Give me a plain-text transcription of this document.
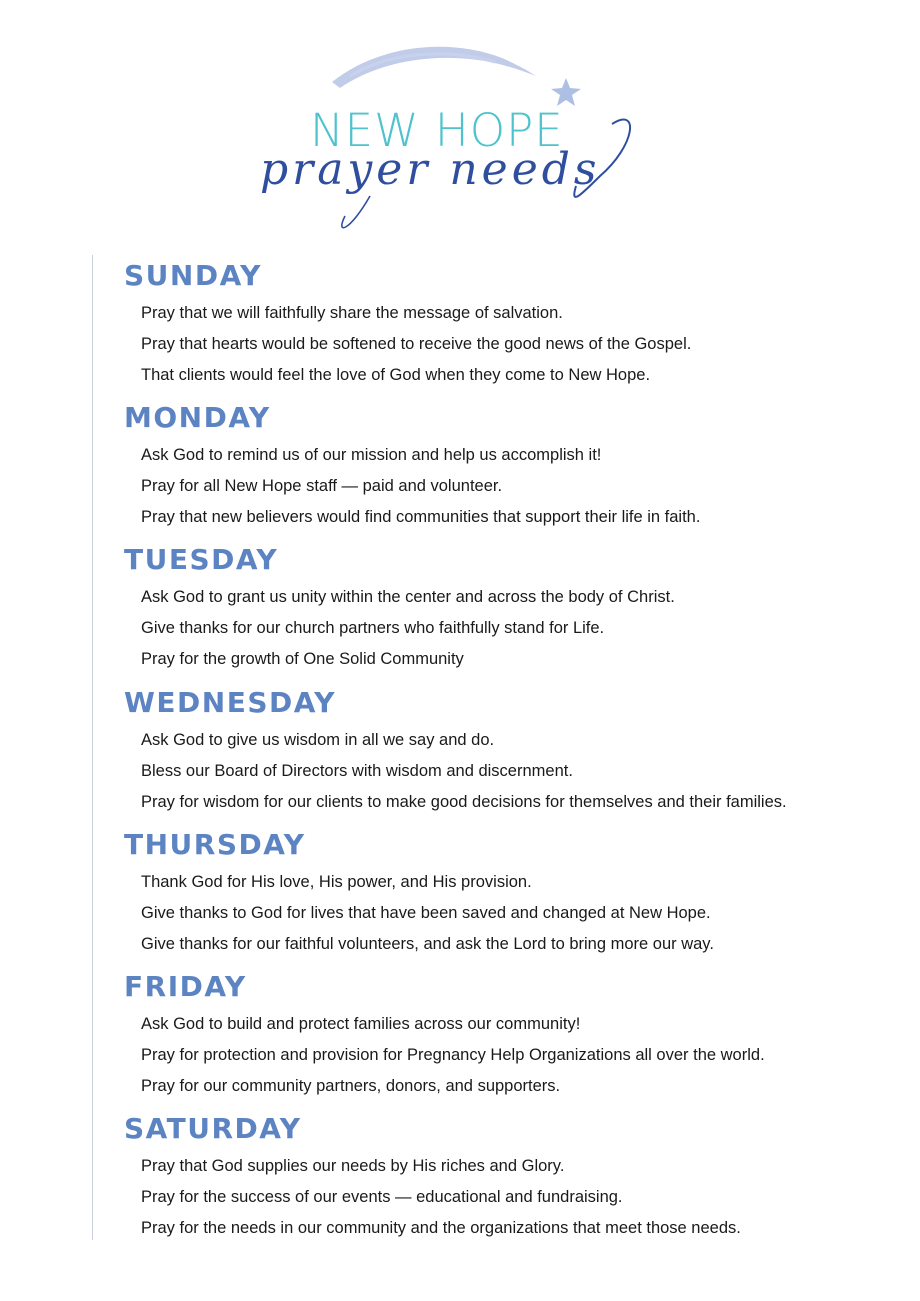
NEW HOPE
prayer needs
SUNDAY
Pray that we will faithfully share the message of salvation.
Pray that hearts would be softened to receive the good news of the Gospel.
That clients would feel the love of God when they come to New Hope.
MONDAY
Ask God to remind us of our mission and help us accomplish it!
Pray for all New Hope staff — paid and volunteer.
Pray that new believers would find communities that support their life in faith.
TUESDAY
Ask God to grant us unity within the center and across the body of Christ.
Give thanks for our church partners who faithfully stand for Life.
Pray for the growth of One Solid Community
WEDNESDAY
Ask God to give us wisdom in all we say and do.
Bless our Board of Directors with wisdom and discernment.
Pray for wisdom for our clients to make good decisions for themselves and their families.
THURSDAY
Thank God for His love, His power, and His provision.
Give thanks to God for lives that have been saved and changed at New Hope.
Give thanks for our faithful volunteers, and ask the Lord to bring more our way.
FRIDAY
Ask God to build and protect families across our community!
Pray for protection and provision for Pregnancy Help Organizations all over the world.
Pray for our community partners, donors, and supporters.
SATURDAY
Pray that God supplies our needs by His riches and Glory.
Pray for the success of our events — educational and fundraising.
Pray for the needs in our community and the organizations that meet those needs.
